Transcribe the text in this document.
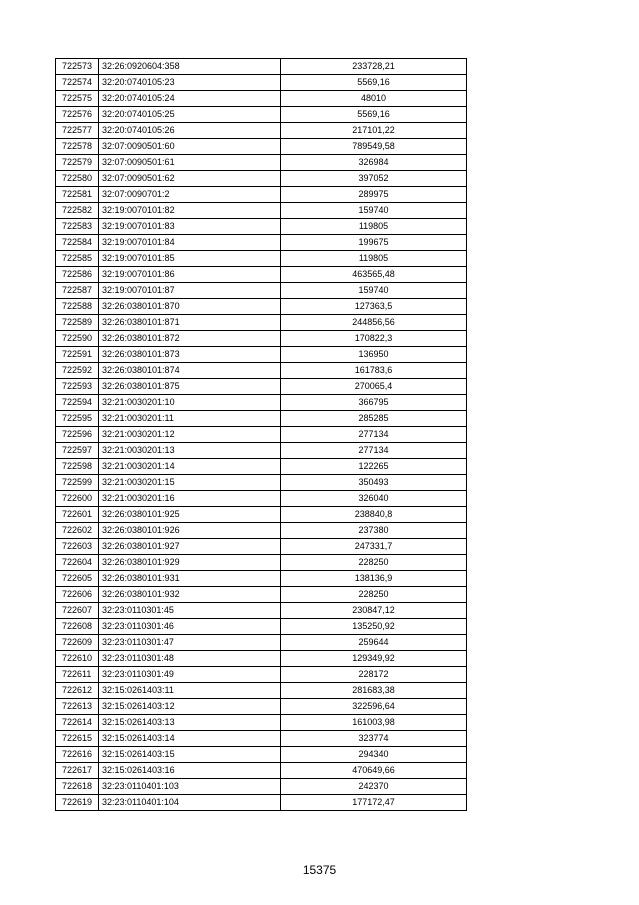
722573	32:26:0920604:358	233728,21
722574	32:20:0740105:23	5569,16
722575	32:20:0740105:24	48010
722576	32:20:0740105:25	5569,16
722577	32:20:0740105:26	217101,22
722578	32:07:0090501:60	789549,58
722579	32:07:0090501:61	326984
722580	32:07:0090501:62	397052
722581	32:07:0090701:2	289975
722582	32:19:0070101:82	159740
722583	32:19:0070101:83	119805
722584	32:19:0070101:84	199675
722585	32:19:0070101:85	119805
722586	32:19:0070101:86	463565,48
722587	32:19:0070101:87	159740
722588	32:26:0380101:870	127363,5
722589	32:26:0380101:871	244856,56
722590	32:26:0380101:872	170822,3
722591	32:26:0380101:873	136950
722592	32:26:0380101:874	161783,6
722593	32:26:0380101:875	270065,4
722594	32:21:0030201:10	366795
722595	32:21:0030201:11	285285
722596	32:21:0030201:12	277134
722597	32:21:0030201:13	277134
722598	32:21:0030201:14	122265
722599	32:21:0030201:15	350493
722600	32:21:0030201:16	326040
722601	32:26:0380101:925	238840,8
722602	32:26:0380101:926	237380
722603	32:26:0380101:927	247331,7
722604	32:26:0380101:929	228250
722605	32:26:0380101:931	138136,9
722606	32:26:0380101:932	228250
722607	32:23:0110301:45	230847,12
722608	32:23:0110301:46	135250,92
722609	32:23:0110301:47	259644
722610	32:23:0110301:48	129349,92
722611	32:23:0110301:49	228172
722612	32:15:0261403:11	281683,38
722613	32:15:0261403:12	322596,64
722614	32:15:0261403:13	161003,98
722615	32:15:0261403:14	323774
722616	32:15:0261403:15	294340
722617	32:15:0261403:16	470649,66
722618	32:23:0110401:103	242370
722619	32:23:0110401:104	177172,47
15375
